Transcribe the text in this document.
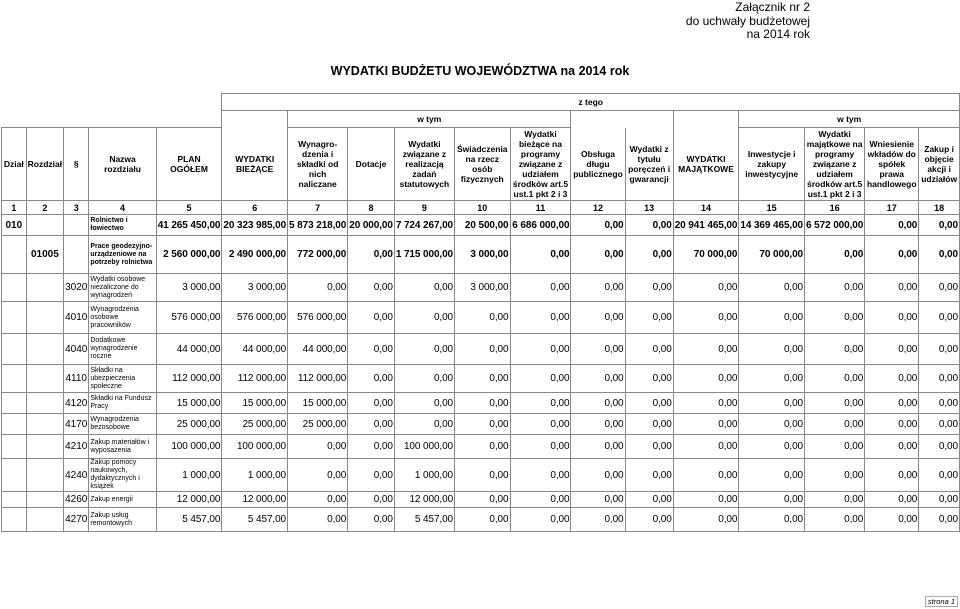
Załącznik nr 2
do uchwały budżetowej
na 2014 rok
WYDATKI BUDŻETU WOJEWÓDZTWA na 2014 rok
					z tego												
						w tym								w tym			
Dział	Rozdział	§	Nazwa rozdziału	PLAN OGÓŁEM	WYDATKI BIEŻĄCE	Wynagro-dzenia i składki od nich naliczane	Dotacje	Wydatki związane z realizacją zadań statutowych	Świadczenia na rzecz osób fizycznych	Wydatki bieżące na programy związane z udziałem środków art.5 ust.1 pkt 2 i 3	Obsługa długu publicznego	Wydatki z tytułu poręczeń i gwarancji	WYDATKI MAJĄTKOWE	Inwestycje i zakupy inwestycyjne	Wydatki majątkowe na programy związane z udziałem środków art.5 ust.1 pkt 2 i 3	Wniesienie wkładów do spółek prawa handlowego	Zakup i objęcie akcji i udziałów
1	2	3	4	5	6	7	8	9	10	11	12	13	14	15	16	17	18
010			Rolnictwo i łowiectwo	41 265 450,00	20 323 985,00	5 873 218,00	20 000,00	7 724 267,00	20 500,00	6 686 000,00	0,00	0,00	20 941 465,00	14 369 465,00	6 572 000,00	0,00	0,00
	01005		Prace geodezyjno-urządzeniowe na potrzeby rolnictwa	2 560 000,00	2 490 000,00	772 000,00	0,00	1 715 000,00	3 000,00	0,00	0,00	0,00	70 000,00	70 000,00	0,00	0,00	0,00
		3020	Wydatki osobowe niezaliczone do wynagrodzeń	3 000,00	3 000,00	0,00	0,00	0,00	3 000,00	0,00	0,00	0,00	0,00	0,00	0,00	0,00	0,00
		4010	Wynagrodzenia osobowe pracowników	576 000,00	576 000,00	576 000,00	0,00	0,00	0,00	0,00	0,00	0,00	0,00	0,00	0,00	0,00	0,00
		4040	Dodatkowe wynagrodzenie roczne	44 000,00	44 000,00	44 000,00	0,00	0,00	0,00	0,00	0,00	0,00	0,00	0,00	0,00	0,00	0,00
		4110	Składki na ubezpieczenia społeczne	112 000,00	112 000,00	112 000,00	0,00	0,00	0,00	0,00	0,00	0,00	0,00	0,00	0,00	0,00	0,00
		4120	Składki na Fundusz Pracy	15 000,00	15 000,00	15 000,00	0,00	0,00	0,00	0,00	0,00	0,00	0,00	0,00	0,00	0,00	0,00
		4170	Wynagrodzenia bezosobowe	25 000,00	25 000,00	25 000,00	0,00	0,00	0,00	0,00	0,00	0,00	0,00	0,00	0,00	0,00	0,00
		4210	Zakup materiałów i wyposażenia	100 000,00	100 000,00	0,00	0,00	100 000,00	0,00	0,00	0,00	0,00	0,00	0,00	0,00	0,00	0,00
		4240	Zakup pomocy naukowych, dydaktycznych i książek	1 000,00	1 000,00	0,00	0,00	1 000,00	0,00	0,00	0,00	0,00	0,00	0,00	0,00	0,00	0,00
		4260	Zakup energii	12 000,00	12 000,00	0,00	0,00	12 000,00	0,00	0,00	0,00	0,00	0,00	0,00	0,00	0,00	0,00
		4270	Zakup usług remontowych	5 457,00	5 457,00	0,00	0,00	5 457,00	0,00	0,00	0,00	0,00	0,00	0,00	0,00	0,00	0,00
strona 1
